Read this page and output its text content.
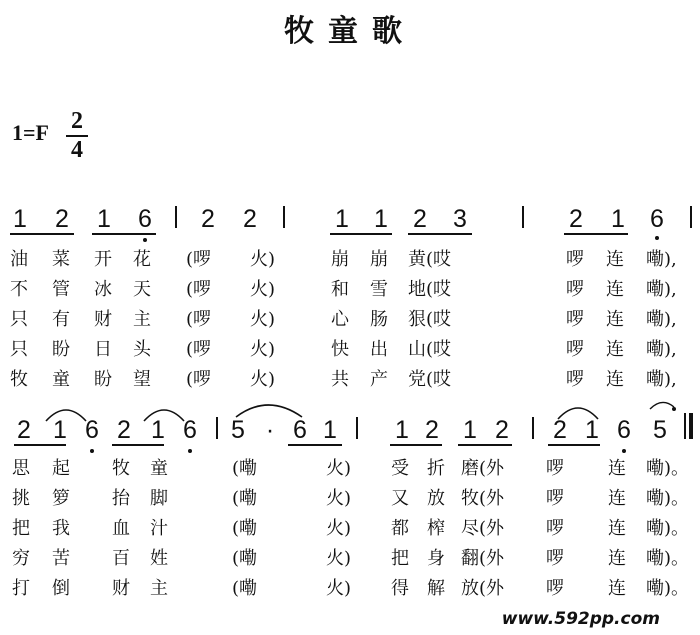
牧童歌
1=F 2
4
1 2 1 6 2 2	1 1 2 3	2 1 6
油 菜 开 花 (啰 火)	崩 崩 黄(哎	啰 连 嘞),
不 管 冰 天 (啰 火)	和 雪 地(哎	啰 连 嘞),
只 有 财 主 (啰 火)	心 肠 狠(哎	啰 连 嘞),
只 盼 日 头 (啰 火)	快 出 山(哎	啰 连 嘞),
牧 童 盼 望 (啰 火)	共 产 党(哎	啰 连 嘞),
2 1 6 2 1 6 5 · 6 1 1 2 1 2 2 1 6 5
思 起 牧 童	(嘞	火) 受 折 磨(外 啰 连 嘞)。
挑 箩 抬 脚	(嘞	火) 又 放 牧(外 啰 连 嘞)。
把 我 血 汁	(嘞	火) 都 榨 尽(外 啰 连 嘞)。
穷 苦 百 姓	(嘞	火) 把 身 翻(外 啰 连 嘞)。
打 倒 财 主	(嘞	火) 得 解 放(外 啰 连 嘞)。
www.592pp.com
